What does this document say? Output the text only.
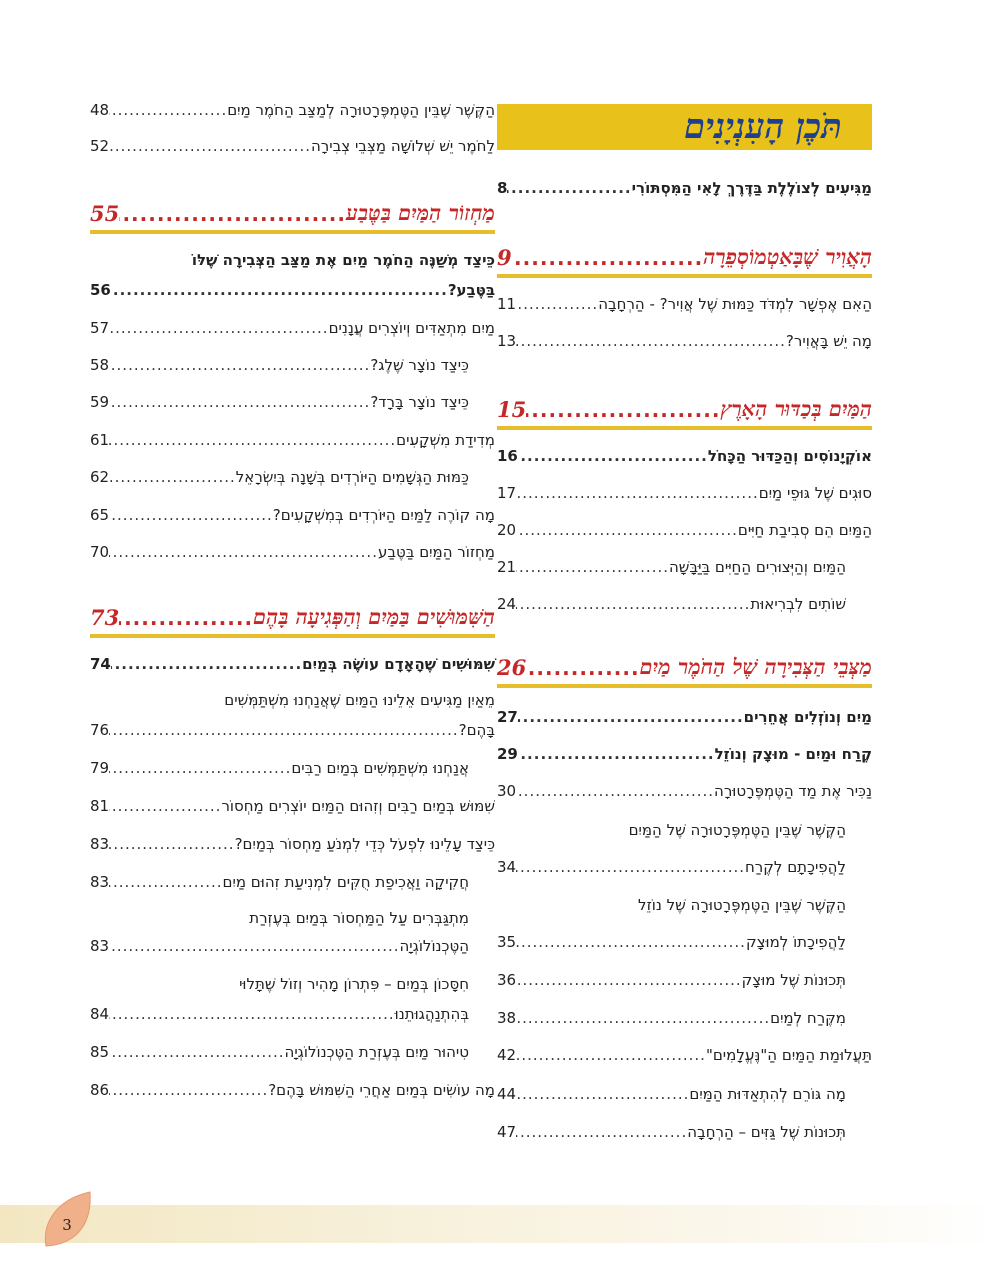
תֹּכֶן הָעִנְיָנִים
מַגִּיעִים לְצוֹלֶלֶת בַּדֶּרֶךְ לָאִי הַמִּסְתּוֹרִי
.....
8
הָאֲוִיר שֶׁבָּאַטְמוֹסְפֵרָה
.....
9
הַאִם אֶפְשָׁר לִמְדֹּד כַּמּוּת שֶׁל אֲוִיר? - הַרְחָבָה
.....
11
מָה יֵשׁ בָּאֲוִיר?
.....
13
הַמַּיִם בְּכַדּוּר הָאָרֶץ
.....
15
אוֹקְיָנוֹסִים וְהַכַּדּוּר הַכָּחֹל
.....
16
סוּגִים שֶׁל גּוּפֵי מַיִם
.....
17
הַמַּיִם הֵם סְבִיבַת חַיִּים
.....
20
הַמַּיִם וְהַיְּצוּרִים הַחַיִּים בַּיַּבָּשָׁה
.....
21
שׁוֹתִים לִבְרִיאוּת
.....
24
מַצְּבֵי הַצְּבִירָה שֶׁל הַחֹמֶר מַיִם
.....
26
מַיִם וְנוֹזְלִים אֲחֵרִים
.....
27
קֶרַח וּמַיִם - מוּצָק וְנוֹזֵל
.....
29
נַכִּיר אֶת מַד הַטֶּמְפֶּרָטוּרָה
.....
30
הַקֶּשֶׁר שֶׁבֵּין הַטֶּמְפֶּרָטוּרָה שֶׁל הַמַּיִם
לַהֲפִיכָתָם לְקֶרַח
.....
34
הַקֶּשֶׁר שֶׁבֵּין הַטֶּמְפֶּרָטוּרָה שֶׁל נוֹזֵל
לַהֲפִיכָתוֹ לְמוּצָק
.....
35
תְּכוּנוֹת שֶׁל מוּצָק
.....
36
מִקֶּרַח לְמַיִם
.....
38
תַּעֲלוּמַת הַמַּיִם הַ"נֶּעֱלָמִים"
.....
42
מָה גּוֹרֵם לְהִתְאַדּוּת הַמַּיִם
.....
44
תְּכוּנוֹת שֶׁל גַּזִּים – הַרְחָבָה
.....
47
הַקֶּשֶׁר שֶׁבֵּין הַטֶּמְפֶּרָטוּרָה לְמַצַּב הַחֹמֶר מַיִם
.....
48
לַחֹמֶר יֵשׁ שְׁלוֹשָׁה מַצְּבֵי צְבִירָה
.....
52
מַחְזוֹר הַמַּיִם בַּטֶּבַע
.....
55
כֵּיצַד מְשַׁנֶּה הַחֹמֶר מַיִם אֶת מַצַּב הַצְּבִירָה שֶׁלּוֹ
בַּטֶּבַע?
.....
56
מַיִם מִתְאַדִּים וְיוֹצְרִים עֲנָנִים
.....
57
כֵּיצַד נוֹצָר שֶׁלֶג?
.....
58
כֵּיצַד נוֹצָר בָּרָד?
.....
59
מְדִידַת מִשְׁקָעִים
.....
61
כַּמּוּת הַגְּשָׁמִים הַיּוֹרְדִים בְּשָׁנָה בְּיִשְׂרָאֵל
.....
62
מָה קוֹרֶה לַמַּיִם הַיּוֹרְדִים בְּמִשְׁקָעִים?
.....
65
מַחְזוֹר הַמַּיִם בַּטֶּבַע
.....
70
הַשִּׁמּוּשִׁים בַּמַּיִם וְהַפְּגִיעָה בָּהֶם
.....
73
שִׁמּוּשִׁים שֶׁהָאָדָם עוֹשֶׂה בְּמַיִם
.....
74
מֵאַיִן מַגִּיעִים אֵלֵינוּ הַמַּיִם שֶׁאֲנַחְנוּ מִשְׁתַּמְּשִׁים
בָּהֶם?
.....
76
אֲנַחְנוּ מִשְׁתַּמְּשִׁים בְּמַיִם רַבִּים
.....
79
שִׁמּוּשׁ בְּמַיִם רַבִּים וְזִהוּם הַמַּיִם יוֹצְרִים מַחְסוֹר
.....
81
כֵּיצַד עָלֵינוּ לִפְעֹל כְּדֵי לִמְנֹעַ מַחְסוֹר בְּמַיִם?
.....
83
חֲקִיקָה וַאֲכִיפַת חֻקִּים לִמְנִיעַת זִהוּם מַיִם
.....
83
מִתְגַּבְּרִים עַל הַמַּחְסוֹר בְּמַיִם בְּעֶזְרַת
הַטֶּכְנוֹלוֹגְיָה
.....
83
חִסָּכוֹן בְּמַיִם – פִּתְרוֹן מָהִיר וְזוֹל שֶׁתָּלוּי
בְּהִתְנַהֲגוּתֵנוּ
.....
84
טִיהוּר מַיִם בְּעֶזְרַת הַטֶּכְנוֹלוֹגְיָה
.....
85
מָה עוֹשִׂים בְּמַיִם אַחֲרֵי הַשִּׁמּוּשׁ בָּהֶם?
.....
86
3
